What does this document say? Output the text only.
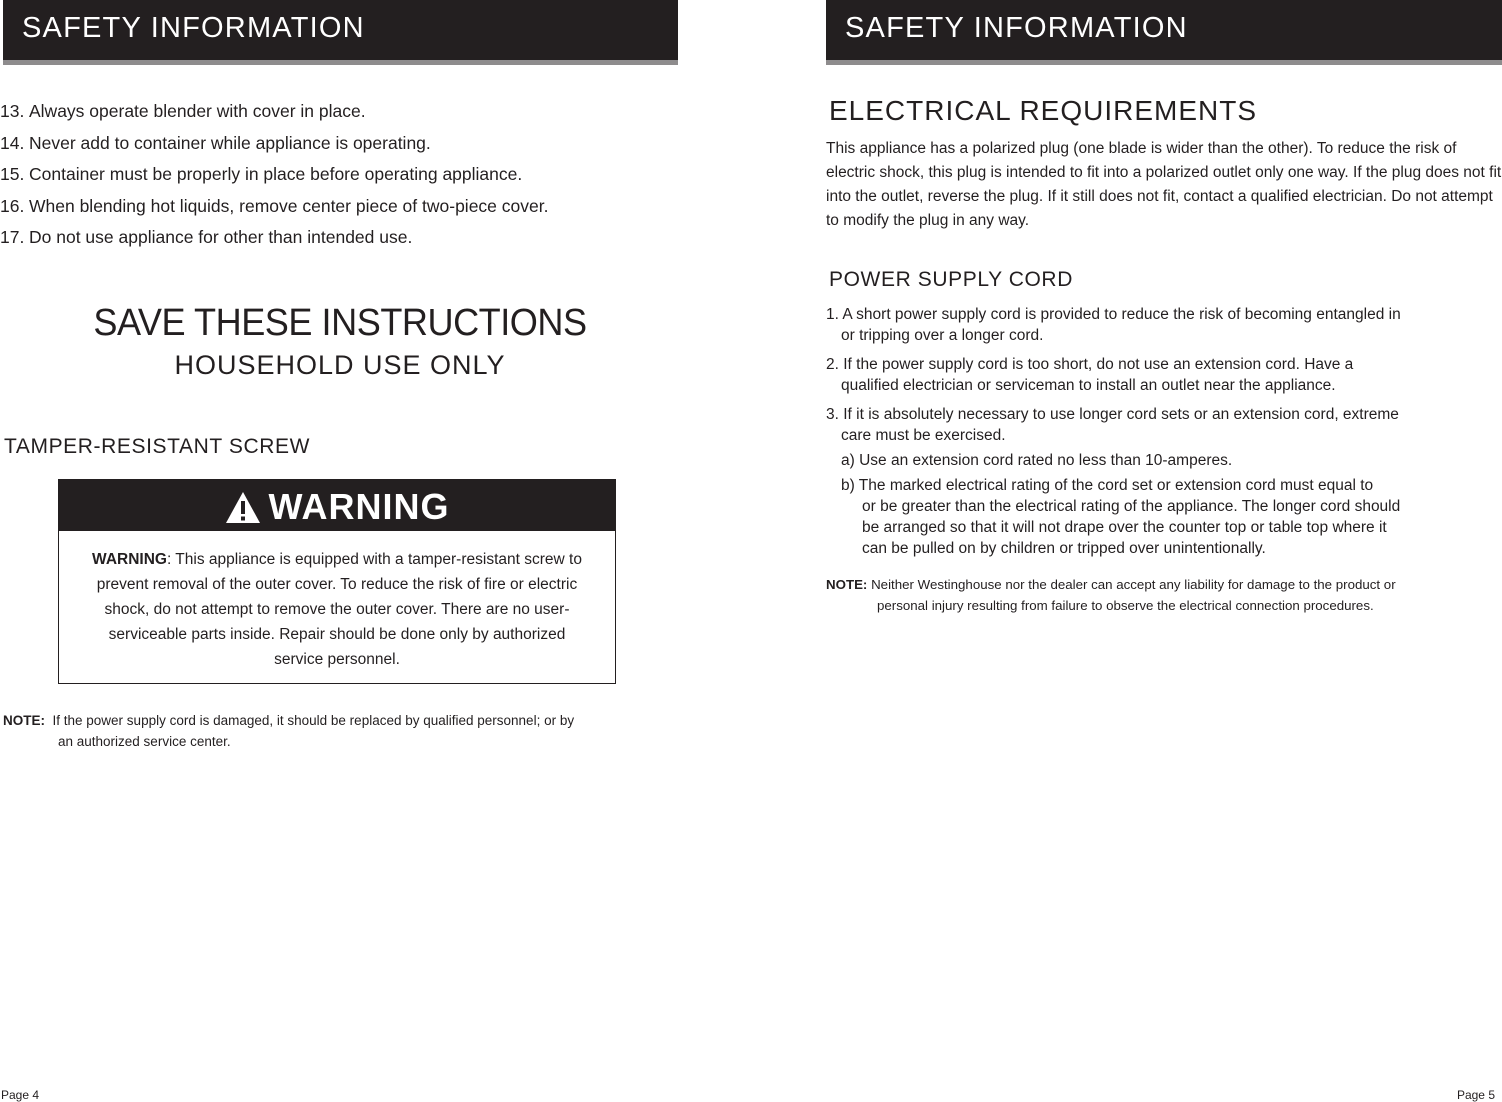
SAFETY INFORMATION
13. Always operate blender with cover in place.
14. Never add to container while appliance is operating.
15. Container must be properly in place before operating appliance.
16. When blending hot liquids, remove center piece of two-piece cover.
17. Do not use appliance for other than intended use.
SAVE THESE INSTRUCTIONS
HOUSEHOLD USE ONLY
TAMPER-RESISTANT SCREW
WARNING
WARNING: This appliance is equipped with a tamper-resistant screw to prevent removal of the outer cover. To reduce the risk of fire or electric shock, do not attempt to remove the outer cover. There are no user-serviceable parts inside. Repair should be done only by authorized service personnel.
NOTE: If the power supply cord is damaged, it should be replaced by qualified personnel; or by
an authorized service center.
Page 4
SAFETY INFORMATION
ELECTRICAL REQUIREMENTS
This appliance has a polarized plug (one blade is wider than the other). To reduce the risk of electric shock, this plug is intended to fit into a polarized outlet only one way. If the plug does not fit into the outlet, reverse the plug. If it still does not fit, contact a qualified electrician. Do not attempt to modify the plug in any way.
POWER SUPPLY CORD
1. A short power supply cord is provided to reduce the risk of becoming entangled in
or tripping over a longer cord.
2. If the power supply cord is too short, do not use an extension cord. Have a
qualified electrician or serviceman to install an outlet near the appliance.
3. If it is absolutely necessary to use longer cord sets or an extension cord, extreme
care must be exercised.
a) Use an extension cord rated no less than 10-amperes.
b) The marked electrical rating of the cord set or extension cord must equal to
or be greater than the electrical rating of the appliance. The longer cord should
be arranged so that it will not drape over the counter top or table top where it
can be pulled on by children or tripped over unintentionally.
NOTE: Neither Westinghouse nor the dealer can accept any liability for damage to the product or
personal injury resulting from failure to observe the electrical connection procedures.
Page 5
